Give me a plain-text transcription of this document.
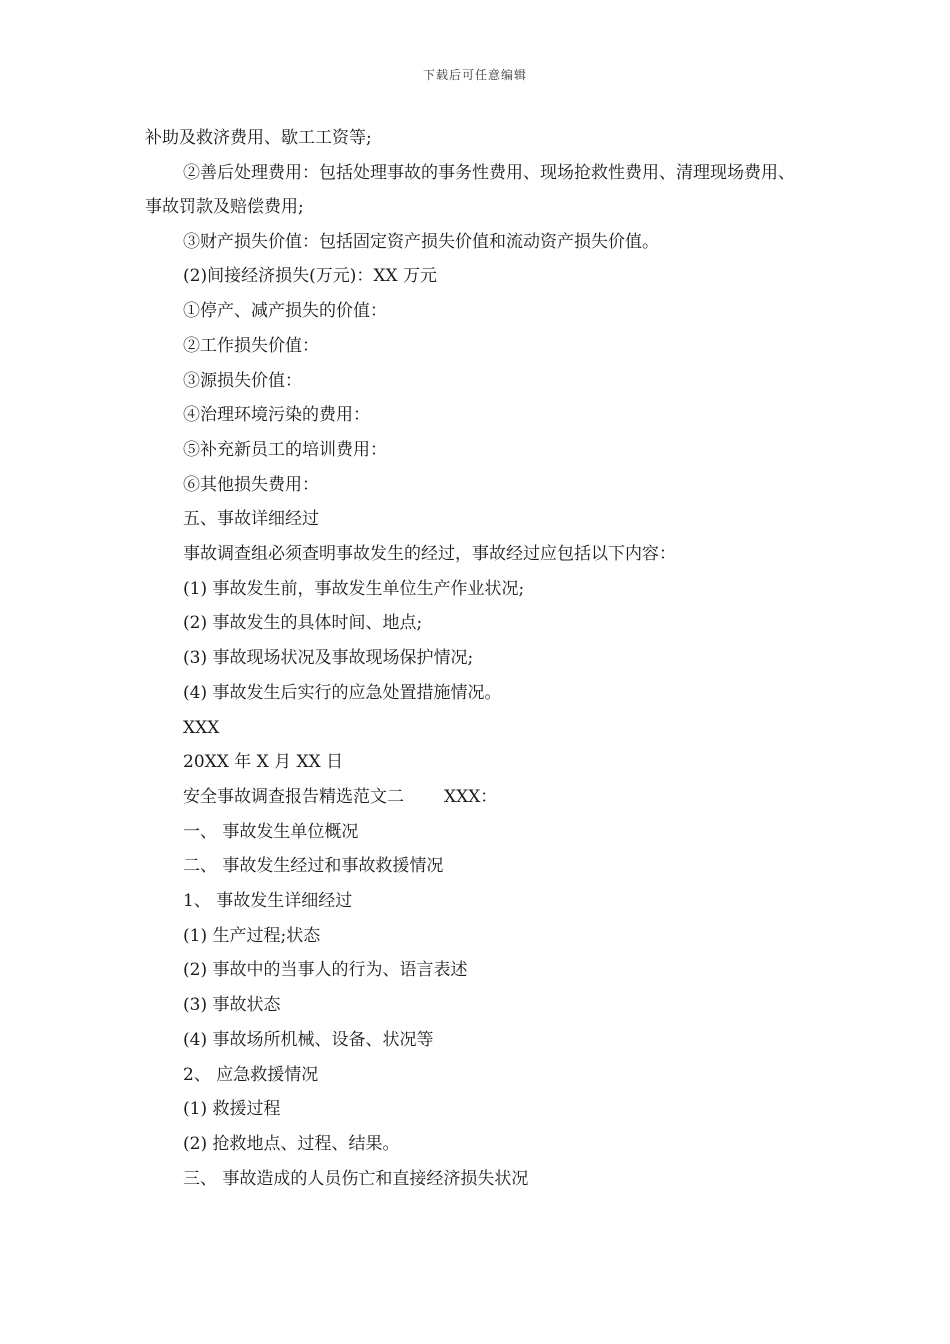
下载后可任意编辑

补助及救济费用、歇工工资等;

②善后处理费用：包括处理事故的事务性费用、现场抢救性费用、清理现场费用、事故罚款及赔偿费用;

③财产损失价值：包括固定资产损失价值和流动资产损失价值。

(2)间接经济损失(万元)：XX 万元

①停产、减产损失的价值：

②工作损失价值：

③源损失价值：

④治理环境污染的费用：

⑤补充新员工的培训费用：

⑥其他损失费用：

五、事故详细经过

事故调查组必须查明事故发生的经过，事故经过应包括以下内容：

(1) 事故发生前，事故发生单位生产作业状况;

(2) 事故发生的具体时间、地点;

(3) 事故现场状况及事故现场保护情况;

(4) 事故发生后实行的应急处置措施情况。

XXX

20XX 年 X 月 XX 日

安全事故调查报告精选范文二 XXX：

一、 事故发生单位概况

二、 事故发生经过和事故救援情况

1、 事故发生详细经过

(1) 生产过程;状态

(2) 事故中的当事人的行为、语言表述

(3) 事故状态

(4) 事故场所机械、设备、状况等

2、 应急救援情况

(1) 救援过程

(2) 抢救地点、过程、结果。

三、 事故造成的人员伤亡和直接经济损失状况
